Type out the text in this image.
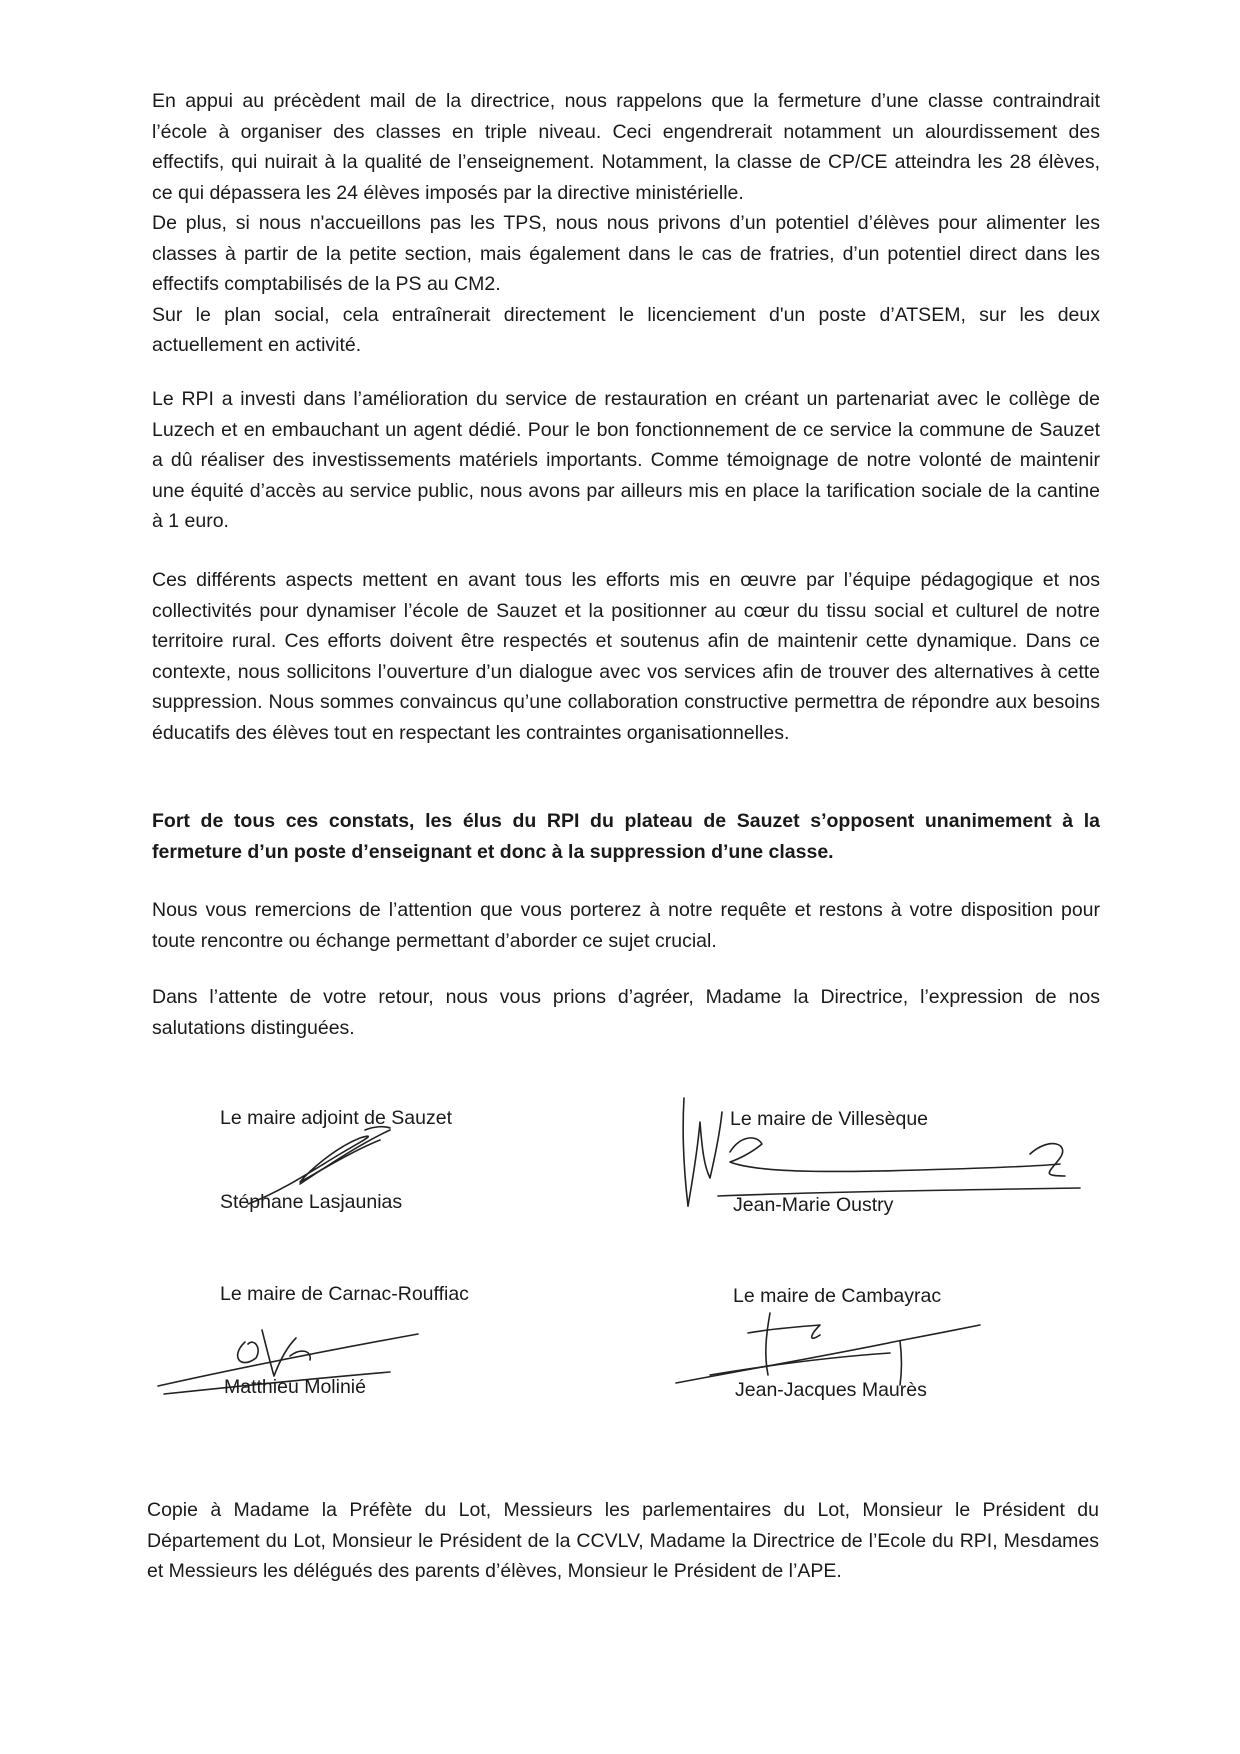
En appui au précèdent mail de la directrice, nous rappelons que la fermeture d’une classe contraindrait l’école à organiser des classes en triple niveau. Ceci engendrerait notamment un alourdissement des effectifs, qui nuirait à la qualité de l’enseignement. Notamment, la classe de CP/CE atteindra les 28 élèves, ce qui dépassera les 24 élèves imposés par la directive ministérielle.

De plus, si nous n'accueillons pas les TPS, nous nous privons d’un potentiel d’élèves pour alimenter les classes à partir de la petite section, mais également dans le cas de fratries, d’un potentiel direct dans les effectifs comptabilisés de la PS au CM2.

Sur le plan social, cela entraînerait directement le licenciement d'un poste d’ATSEM, sur les deux actuellement en activité.

Le RPI a investi dans l’amélioration du service de restauration en créant un partenariat avec le collège de Luzech et en embauchant un agent dédié. Pour le bon fonctionnement de ce service la commune de Sauzet a dû réaliser des investissements matériels importants. Comme témoignage de notre volonté de maintenir une équité d’accès au service public, nous avons par ailleurs mis en place la tarification sociale de la cantine à 1 euro.

Ces différents aspects mettent en avant tous les efforts mis en œuvre par l’équipe pédagogique et nos collectivités pour dynamiser l’école de Sauzet et la positionner au cœur du tissu social et culturel de notre territoire rural. Ces efforts doivent être respectés et soutenus afin de maintenir cette dynamique. Dans ce contexte, nous sollicitons l’ouverture d’un dialogue avec vos services afin de trouver des alternatives à cette suppression. Nous sommes convaincus qu’une collaboration constructive permettra de répondre aux besoins éducatifs des élèves tout en respectant les contraintes organisationnelles.

Fort de tous ces constats, les élus du RPI du plateau de Sauzet s’opposent unanimement à la fermeture d’un poste d’enseignant et donc à la suppression d’une classe.

Nous vous remercions de l’attention que vous porterez à notre requête et restons à votre disposition pour toute rencontre ou échange permettant d’aborder ce sujet crucial.

Dans l’attente de votre retour, nous vous prions d’agréer, Madame la Directrice, l’expression de nos salutations distinguées.

Le maire adjoint de Sauzet
Stéphane Lasjaunias
Le maire de Villesèque
Jean-Marie Oustry
Le maire de Carnac-Rouffiac
Matthieu Molinié
Le maire de Cambayrac
Jean-Jacques Maurès

Copie à Madame la Préfète du Lot, Messieurs les parlementaires du Lot, Monsieur le Président du Département du Lot, Monsieur le Président de la CCVLV, Madame la Directrice de l’Ecole du RPI, Mesdames et Messieurs les délégués des parents d’élèves, Monsieur le Président de l’APE.
